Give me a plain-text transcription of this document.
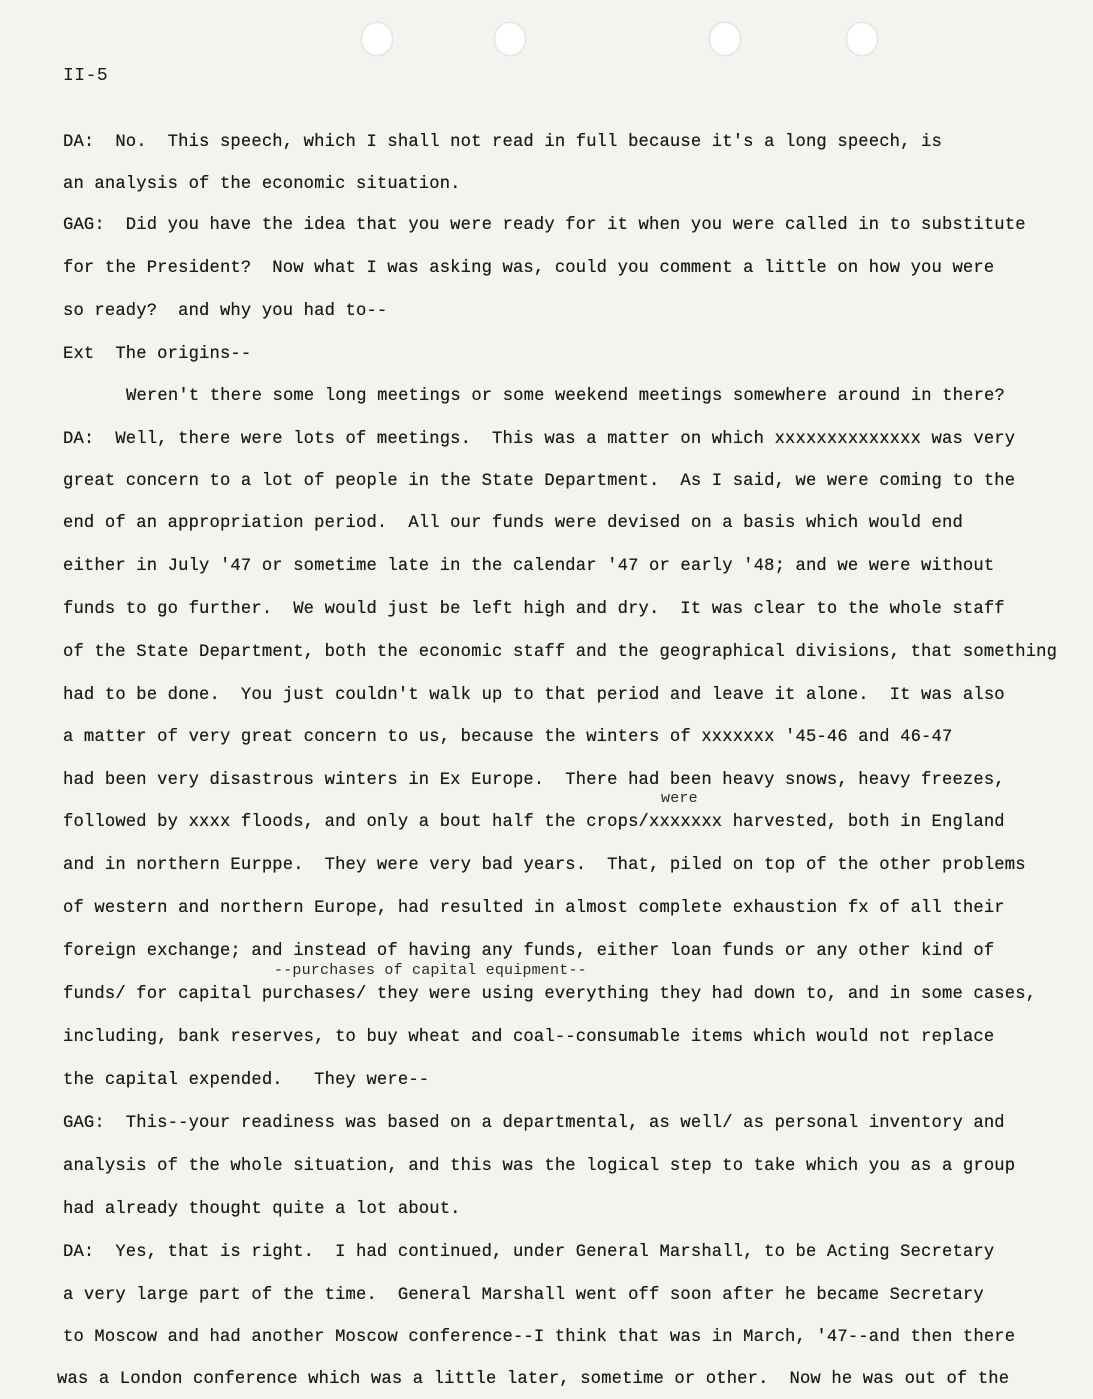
II-5
DA:  No.  This speech, which I shall not read in full because it's a long speech, is
an analysis of the economic situation.
GAG:  Did you have the idea that you were ready for it when you were called in to substitute
for the President?  Now what I was asking was, could you comment a little on how you were
so ready?  and why you had to--
Ext  The origins--
Weren't there some long meetings or some weekend meetings somewhere around in there?
DA:  Well, there were lots of meetings.  This was a matter on which xxxxxxxxxxxxxx was very
great concern to a lot of people in the State Department.  As I said, we were coming to the
end of an appropriation period.  All our funds were devised on a basis which would end
either in July '47 or sometime late in the calendar '47 or early '48; and we were without
funds to go further.  We would just be left high and dry.  It was clear to the whole staff
of the State Department, both the economic staff and the geographical divisions, that something
had to be done.  You just couldn't walk up to that period and leave it alone.  It was also
a matter of very great concern to us, because the winters of xxxxxxx '45-46 and 46-47
had been very disastrous winters in Ex Europe.  There had been heavy snows, heavy freezes,
followed by xxxx floods, and only a bout half the crops/xxxxxxx harvested, both in England
and in northern Eurppe.  They were very bad years.  That, piled on top of the other problems
of western and northern Europe, had resulted in almost complete exhaustion fx of all their
foreign exchange; and instead of having any funds, either loan funds or any other kind of
funds/ for capital purchases/ they were using everything they had down to, and in some cases,
including, bank reserves, to buy wheat and coal--consumable items which would not replace
the capital expended.   They were--
GAG:  This--your readiness was based on a departmental, as well/ as personal inventory and
analysis of the whole situation, and this was the logical step to take which you as a group
had already thought quite a lot about.
DA:  Yes, that is right.  I had continued, under General Marshall, to be Acting Secretary
a very large part of the time.  General Marshall went off soon after he became Secretary
to Moscow and had another Moscow conference--I think that was in March, '47--and then there
was a London conference which was a little later, sometime or other.  Now he was out of the
were
--purchases of capital equipment--
